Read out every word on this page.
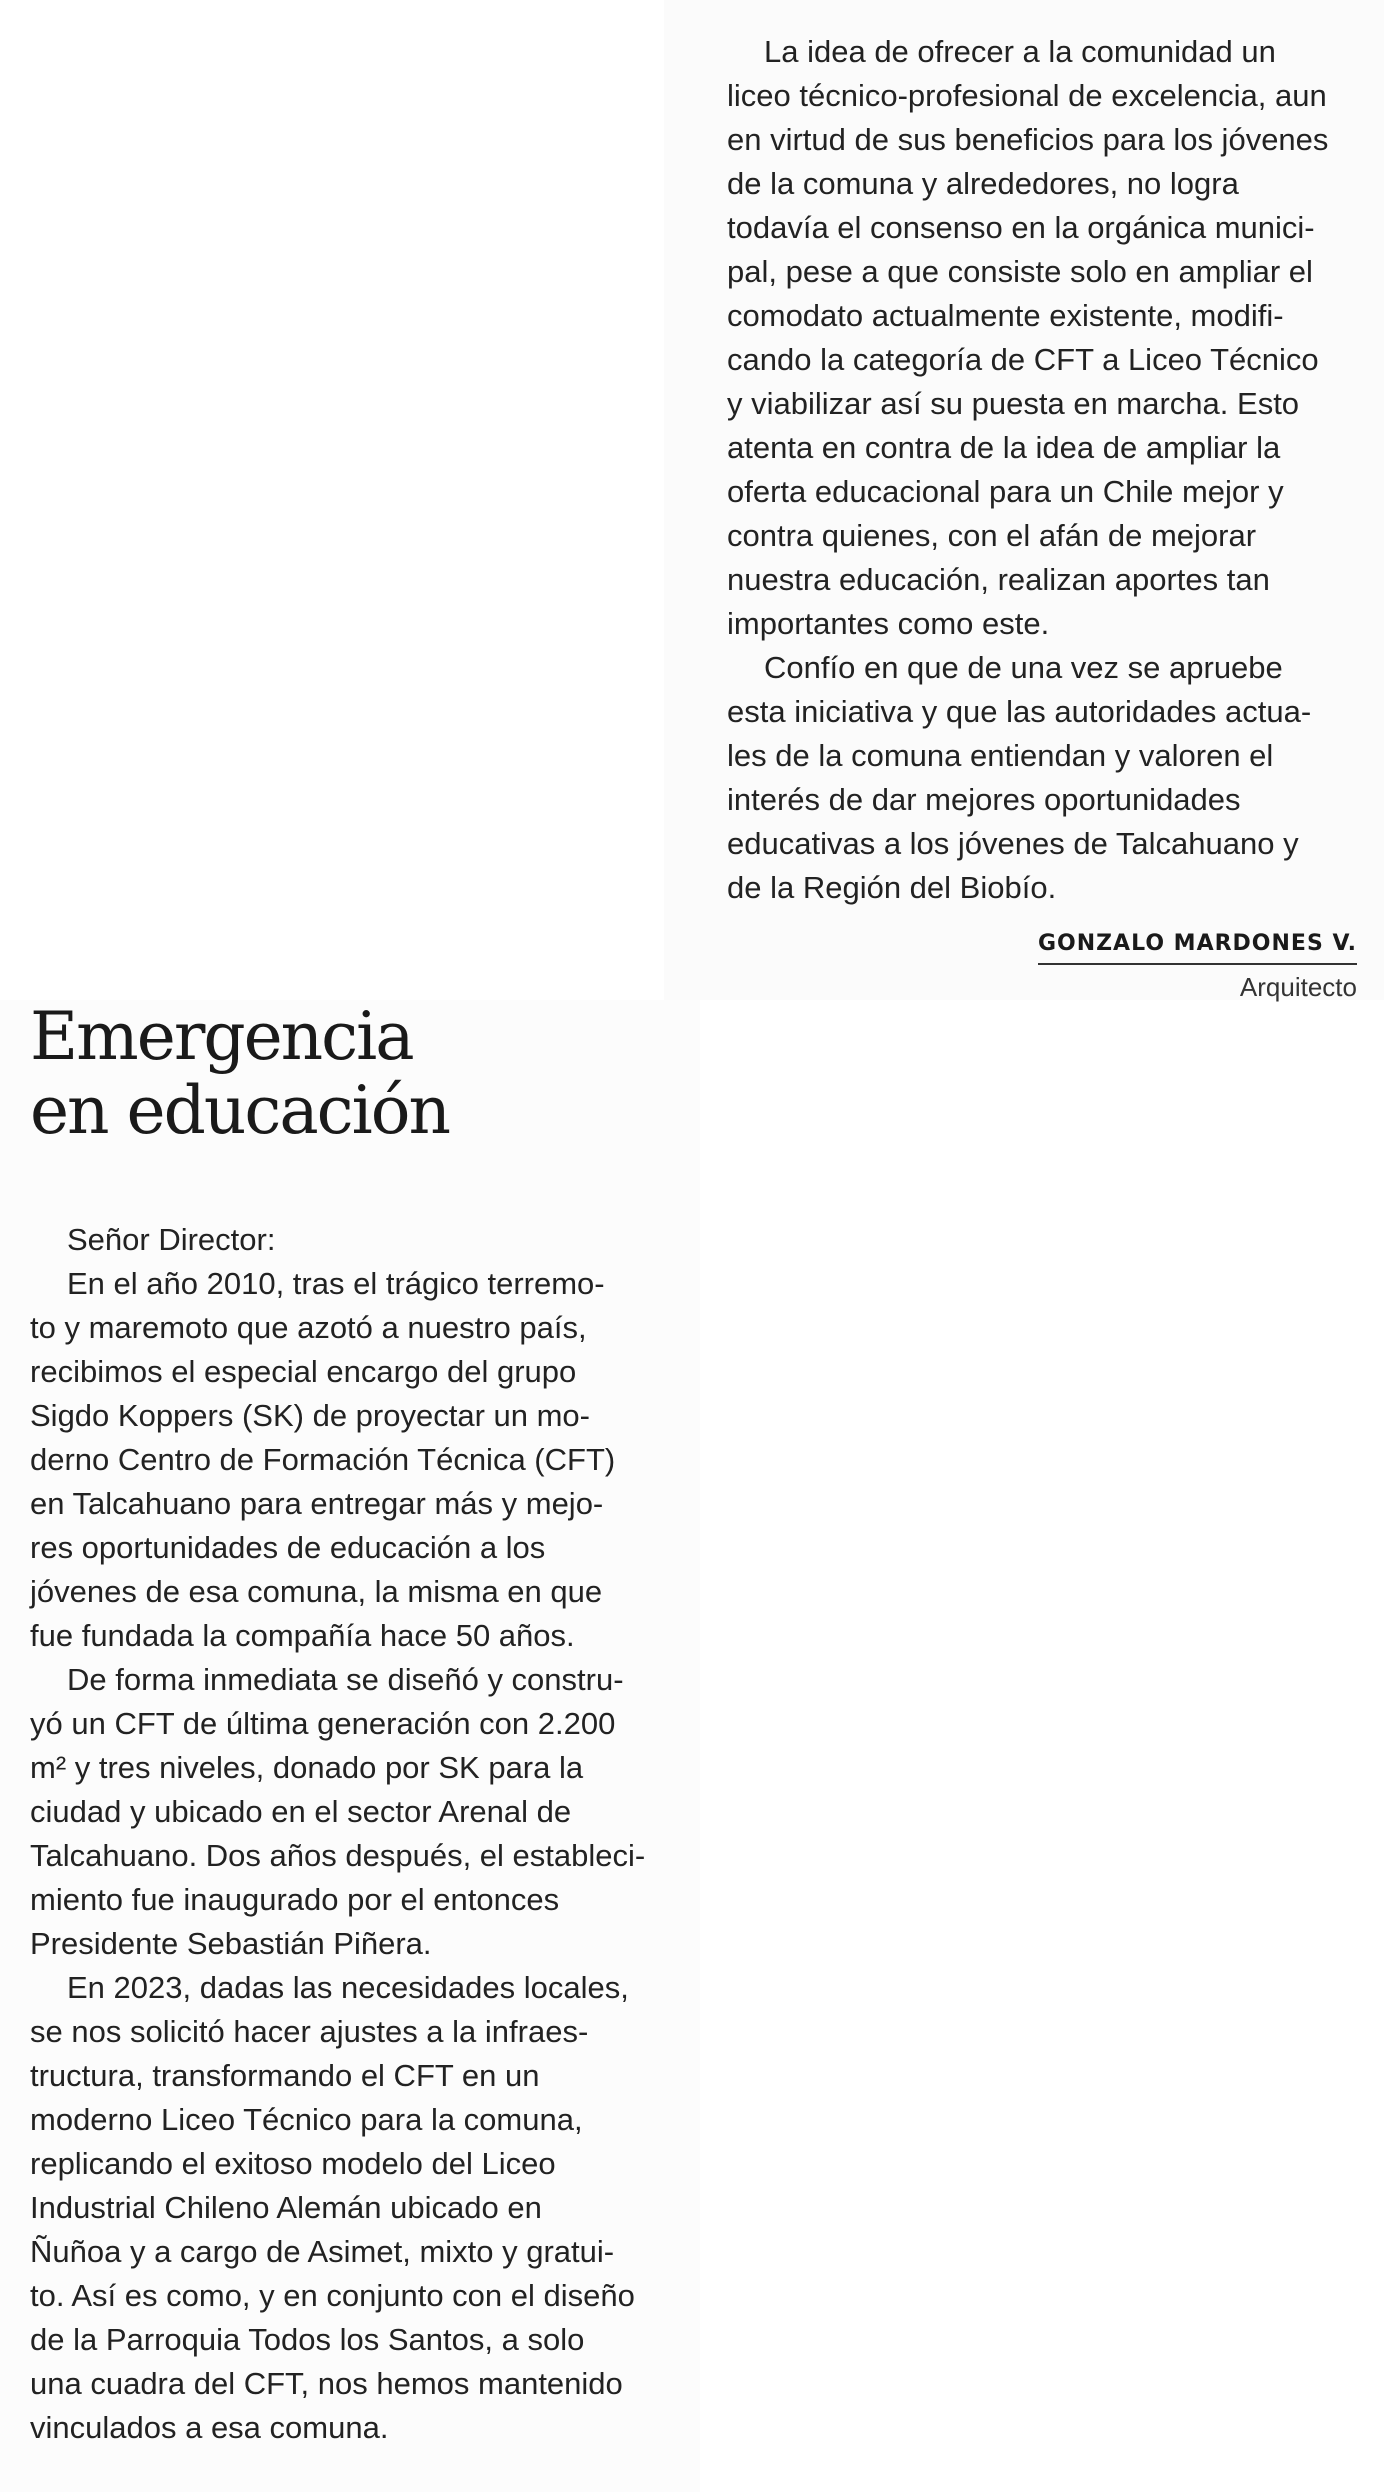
La idea de ofrecer a la comunidad un
liceo técnico-profesional de excelencia, aun
en virtud de sus beneficios para los jóvenes
de la comuna y alrededores, no logra
todavía el consenso en la orgánica munici-
pal, pese a que consiste solo en ampliar el
comodato actualmente existente, modifi-
cando la categoría de CFT a Liceo Técnico
y viabilizar así su puesta en marcha. Esto
atenta en contra de la idea de ampliar la
oferta educacional para un Chile mejor y
contra quienes, con el afán de mejorar
nuestra educación, realizan aportes tan
importantes como este.

Confío en que de una vez se apruebe
esta iniciativa y que las autoridades actua-
les de la comuna entiendan y valoren el
interés de dar mejores oportunidades
educativas a los jóvenes de Talcahuano y
de la Región del Biobío.

GONZALO MARDONES V.
Arquitecto
Emergencia
en educación

Señor Director:

En el año 2010, tras el trágico terremo-
to y maremoto que azotó a nuestro país,
recibimos el especial encargo del grupo
Sigdo Koppers (SK) de proyectar un mo-
derno Centro de Formación Técnica (CFT)
en Talcahuano para entregar más y mejo-
res oportunidades de educación a los
jóvenes de esa comuna, la misma en que
fue fundada la compañía hace 50 años.

De forma inmediata se diseñó y constru-
yó un CFT de última generación con 2.200
m² y tres niveles, donado por SK para la
ciudad y ubicado en el sector Arenal de
Talcahuano. Dos años después, el estableci-
miento fue inaugurado por el entonces
Presidente Sebastián Piñera.

En 2023, dadas las necesidades locales,
se nos solicitó hacer ajustes a la infraes-
tructura, transformando el CFT en un
moderno Liceo Técnico para la comuna,
replicando el exitoso modelo del Liceo
Industrial Chileno Alemán ubicado en
Ñuñoa y a cargo de Asimet, mixto y gratui-
to. Así es como, y en conjunto con el diseño
de la Parroquia Todos los Santos, a solo
una cuadra del CFT, nos hemos mantenido
vinculados a esa comuna.
